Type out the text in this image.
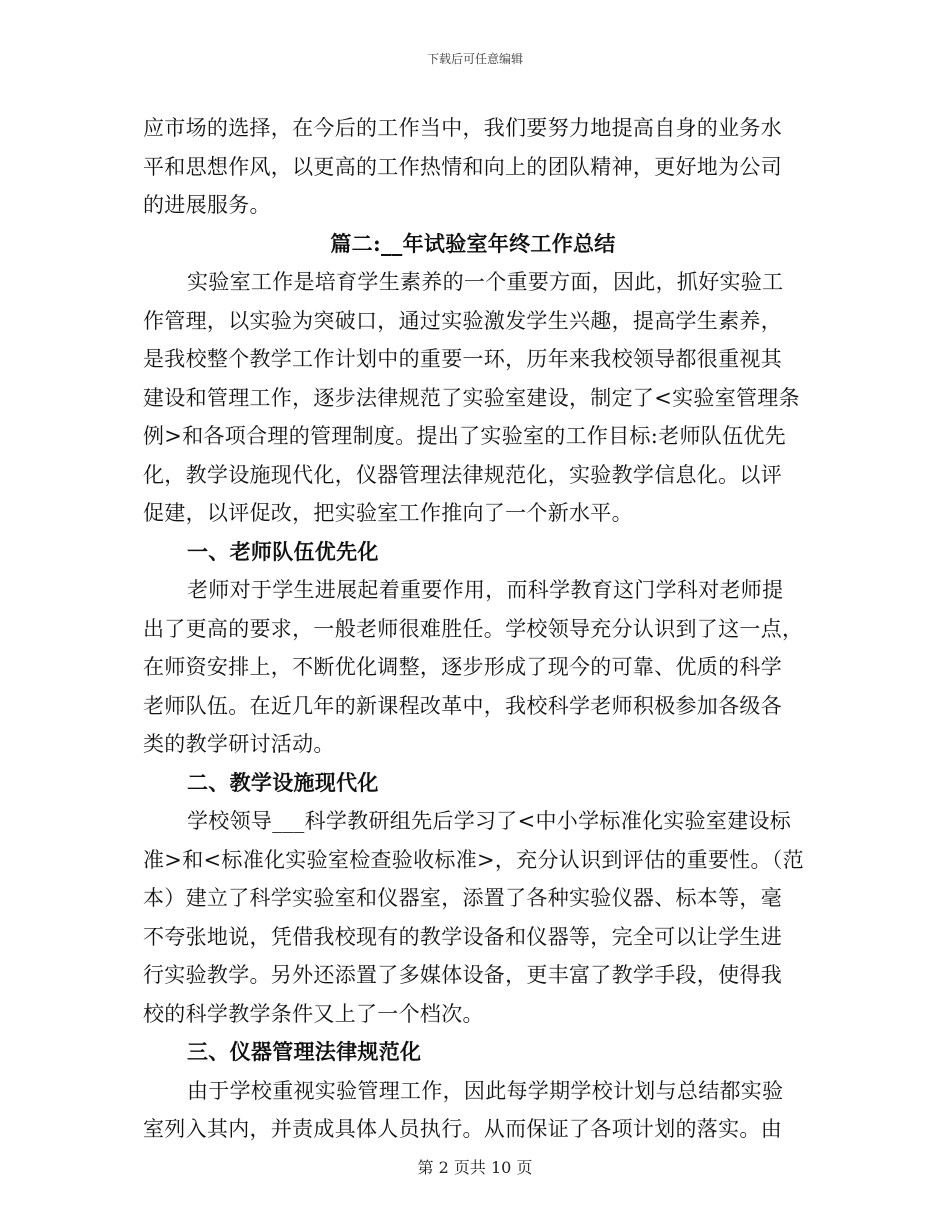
下载后可任意编辑
应市场的选择，在今后的工作当中，我们要努力地提高自身的业务水
平和思想作风，以更高的工作热情和向上的团队精神，更好地为公司
的进展服务。
篇二:__年试验室年终工作总结
实验室工作是培育学生素养的一个重要方面，因此，抓好实验工
作管理，以实验为突破口，通过实验激发学生兴趣，提高学生素养，
是我校整个教学工作计划中的重要一环，历年来我校领导都很重视其
建设和管理工作，逐步法律规范了实验室建设，制定了<实验室管理条
例>和各项合理的管理制度。提出了实验室的工作目标:老师队伍优先
化，教学设施现代化，仪器管理法律规范化，实验教学信息化。以评
促建，以评促改，把实验室工作推向了一个新水平。
一、老师队伍优先化
老师对于学生进展起着重要作用，而科学教育这门学科对老师提
出了更高的要求，一般老师很难胜任。学校领导充分认识到了这一点，
在师资安排上，不断优化调整，逐步形成了现今的可靠、优质的科学
老师队伍。在近几年的新课程改革中，我校科学老师积极参加各级各
类的教学研讨活动。
二、教学设施现代化
学校领导___科学教研组先后学习了<中小学标准化实验室建设标
准>和<标准化实验室检查验收标准>，充分认识到评估的重要性。（范
本）建立了科学实验室和仪器室，添置了各种实验仪器、标本等，毫
不夸张地说，凭借我校现有的教学设备和仪器等，完全可以让学生进
行实验教学。另外还添置了多媒体设备，更丰富了教学手段，使得我
校的科学教学条件又上了一个档次。
三、仪器管理法律规范化
由于学校重视实验管理工作，因此每学期学校计划与总结都实验
室列入其内，并责成具体人员执行。从而保证了各项计划的落实。由
第 2 页共 10 页
